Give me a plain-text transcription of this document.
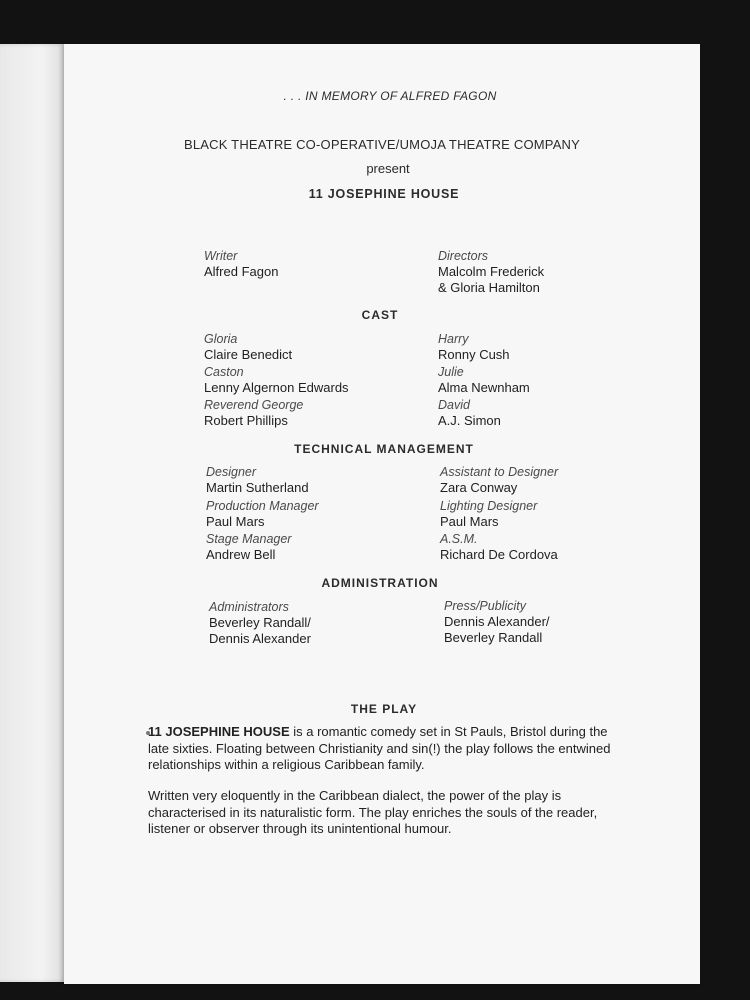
. . . IN MEMORY OF ALFRED FAGON
BLACK THEATRE CO-OPERATIVE/UMOJA THEATRE COMPANY
present
11 JOSEPHINE HOUSE
Writer
Alfred Fagon
Directors
Malcolm Frederick
& Gloria Hamilton
CAST
Gloria
Claire Benedict
Harry
Ronny Cush
Caston
Lenny Algernon Edwards
Julie
Alma Newnham
Reverend George
Robert Phillips
David
A.J. Simon
TECHNICAL MANAGEMENT
Designer
Martin Sutherland
Assistant to Designer
Zara Conway
Production Manager
Paul Mars
Lighting Designer
Paul Mars
Stage Manager
Andrew Bell
A.S.M.
Richard De Cordova
ADMINISTRATION
Administrators
Beverley Randall/
Dennis Alexander
Press/Publicity
Dennis Alexander/
Beverley Randall
THE PLAY
11 JOSEPHINE HOUSE is a romantic comedy set in St Pauls, Bristol during the late sixties. Floating between Christianity and sin(!) the play follows the entwined relationships within a religious Caribbean family.
Written very eloquently in the Caribbean dialect, the power of the play is characterised in its naturalistic form. The play enriches the souls of the reader, listener or observer through its unintentional humour.
